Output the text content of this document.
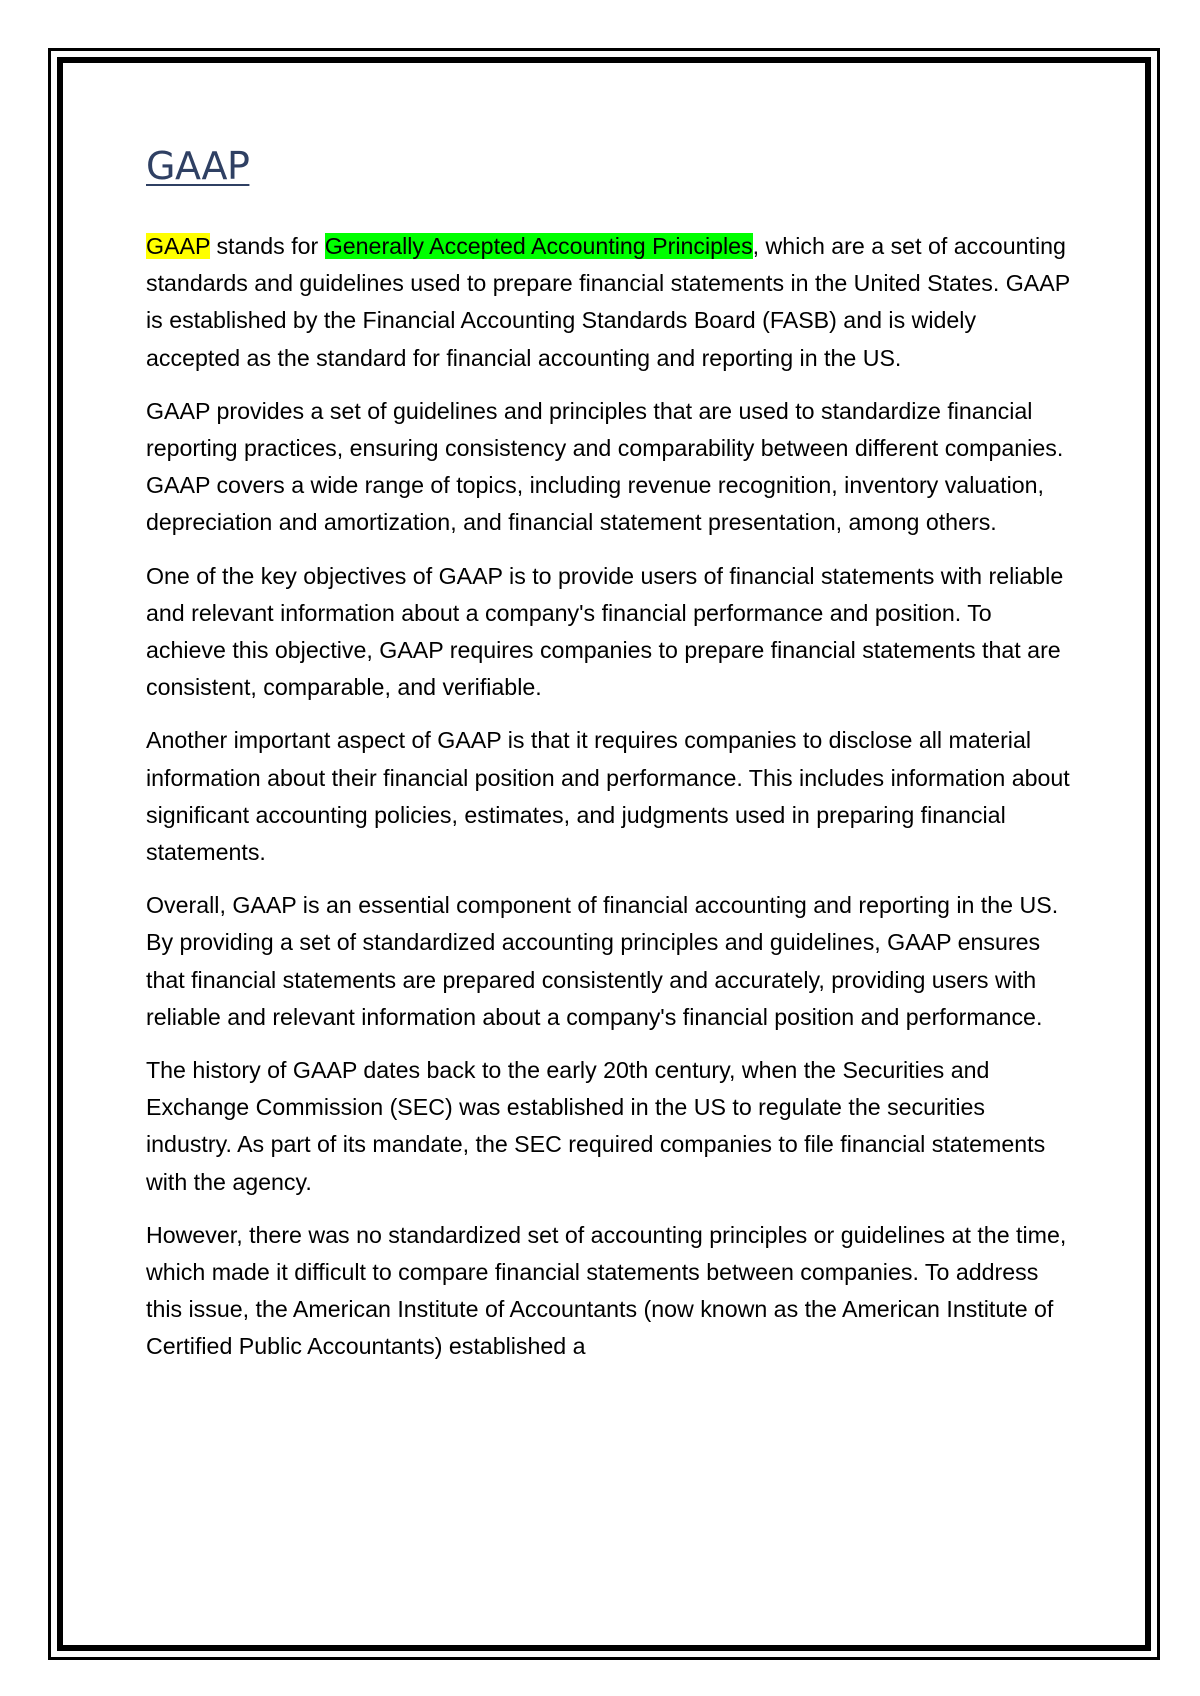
GAAP

GAAP stands for Generally Accepted Accounting Principles, which are a set of accounting standards and guidelines used to prepare financial statements in the United States. GAAP is established by the Financial Accounting Standards Board (FASB) and is widely accepted as the standard for financial accounting and reporting in the US.

GAAP provides a set of guidelines and principles that are used to standardize financial reporting practices, ensuring consistency and comparability between different companies. GAAP covers a wide range of topics, including revenue recognition, inventory valuation, depreciation and amortization, and financial statement presentation, among others.

One of the key objectives of GAAP is to provide users of financial statements with reliable and relevant information about a company's financial performance and position. To achieve this objective, GAAP requires companies to prepare financial statements that are consistent, comparable, and verifiable.

Another important aspect of GAAP is that it requires companies to disclose all material information about their financial position and performance. This includes information about significant accounting policies, estimates, and judgments used in preparing financial statements.

Overall, GAAP is an essential component of financial accounting and reporting in the US. By providing a set of standardized accounting principles and guidelines, GAAP ensures that financial statements are prepared consistently and accurately, providing users with reliable and relevant information about a company's financial position and performance.

The history of GAAP dates back to the early 20th century, when the Securities and Exchange Commission (SEC) was established in the US to regulate the securities industry. As part of its mandate, the SEC required companies to file financial statements with the agency.

However, there was no standardized set of accounting principles or guidelines at the time, which made it difficult to compare financial statements between companies. To address this issue, the American Institute of Accountants (now known as the American Institute of Certified Public Accountants) established a
